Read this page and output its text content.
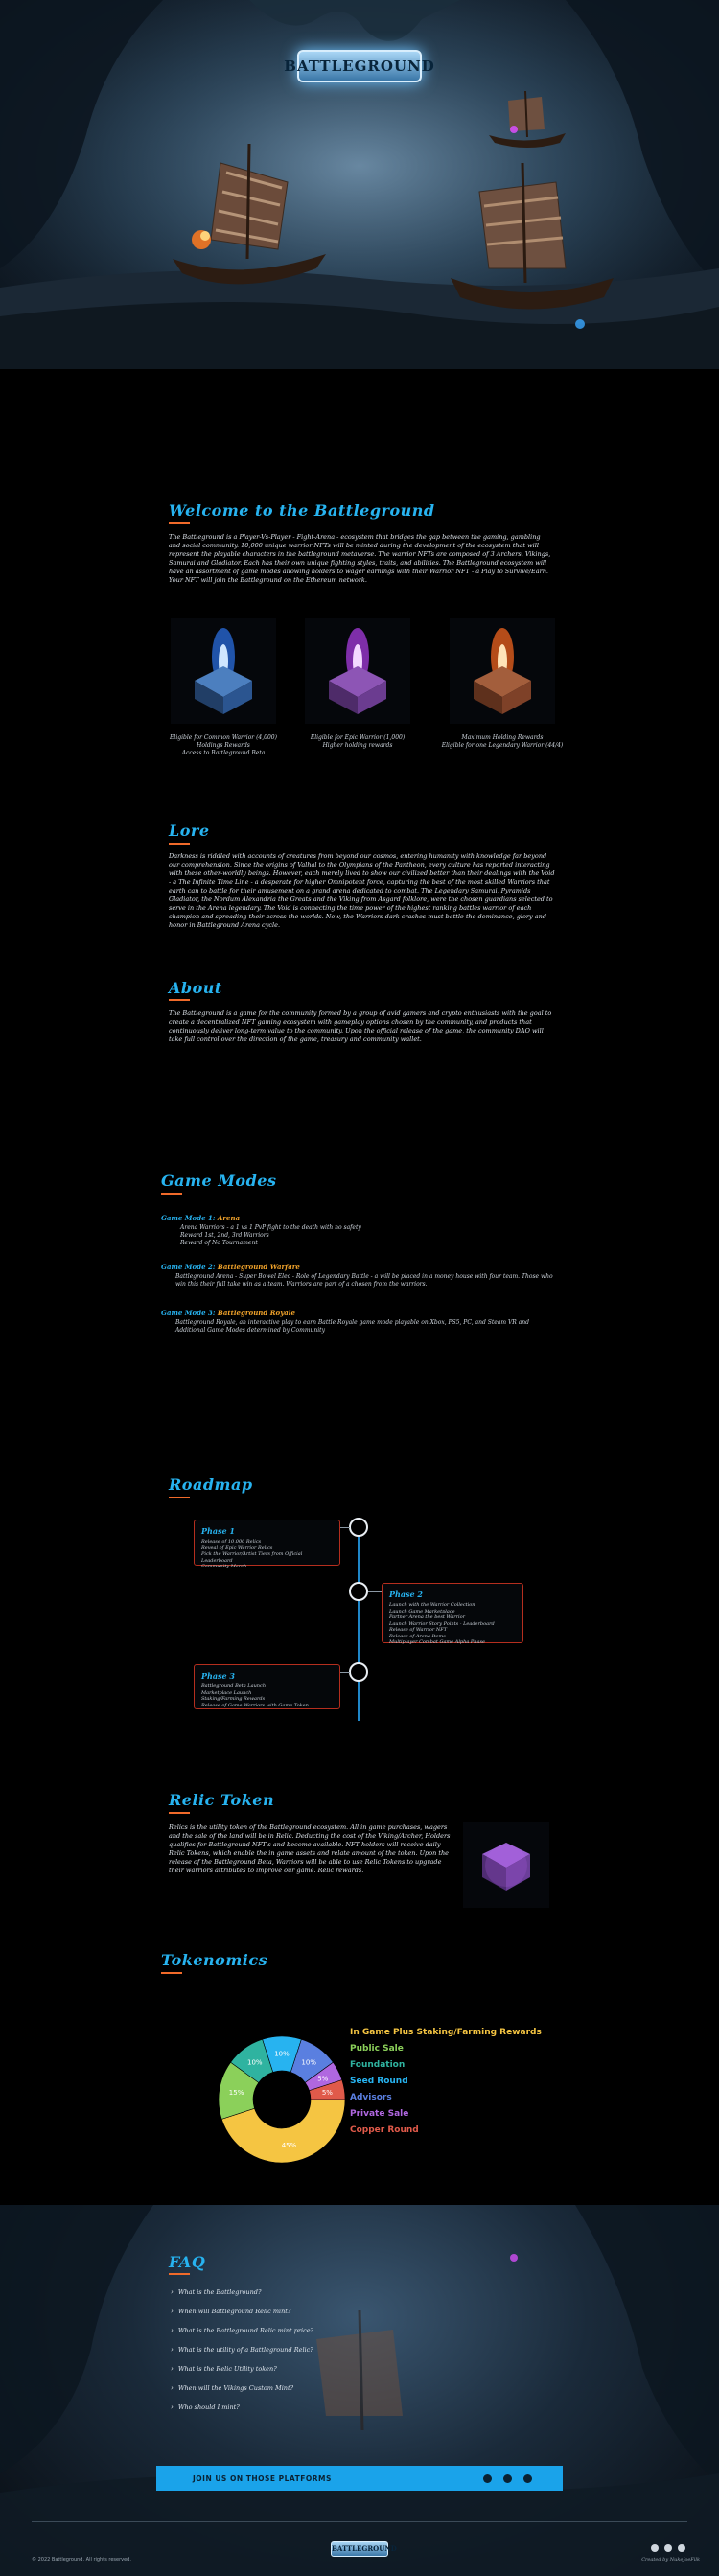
BATTLEGROUND
Welcome to the Battleground
The Battleground is a Player-Vs-Player - Fight-Arena - ecosystem that bridges the gap between the gaming, gambling and social community. 10,000 unique warrior NFTs will be minted during the development of the ecosystem that will represent the playable characters in the battleground metaverse. The warrior NFTs are composed of 3 Archers, Vikings, Samurai and Gladiator. Each has their own unique fighting styles, traits, and abilities. The Battleground ecosystem will have an assortment of game modes allowing holders to wager earnings with their Warrior NFT - a Play to Survive/Earn. Your NFT will join the Battleground on the Ethereum network.
Eligible for Common Warrior (4,000)
Holdings Rewards
Access to Battleground Beta
Eligible for Epic Warrior (1,000)
Higher holding rewards
Maximum Holding Rewards
Eligible for one Legendary Warrior (44/4)
Lore
Darkness is riddled with accounts of creatures from beyond our cosmos, entering humanity with knowledge far beyond our comprehension. Since the origins of Valhal to the Olympians of the Pantheon, every culture has reported interacting with these other-worldly beings. However, each merely lived to show our civilized better than their dealings with the Void - a The Infinite Time Line - a desperate for higher Omnipotent force, capturing the best of the most skilled Warriors that earth can to battle for their amusement on a grand arena dedicated to combat. The Legendary Samurai, Pyramids Gladiator, the Nordum Alexandria the Greats and the Viking from Asgard folklore, were the chosen guardians selected to serve in the Arena legendary. The Void is connecting the time power of the highest ranking battles warrior of each champion and spreading their across the worlds. Now, the Warriors dark crashes must battle the dominance, glory and honor in Battleground Arena cycle.
About
The Battleground is a game for the community formed by a group of avid gamers and crypto enthusiasts with the goal to create a decentralized NFT gaming ecosystem with gameplay options chosen by the community, and products that continuously deliver long-term value to the community. Upon the official release of the game, the community DAO will take full control over the direction of the game, treasury and community wallet.
Game Modes
Game Mode 1: Arena
Arena Warriors - a 1 vs 1 PvP fight to the death with no safety
Reward 1st, 2nd, 3rd Warriors
Reward of No Tournament
Game Mode 2: Battleground Warfare
Battleground Arena - Super Bowel Elec - Role of Legendary Battle - a will be placed in a money house with four team. Those who win this their full take win as a team. Warriors are part of a chosen from the warriors.
Game Mode 3: Battleground Royale
Battleground Royale, an interactive play to earn Battle Royale game mode playable on Xbox, PS5, PC, and Steam VR and
Additional Game Modes determined by Community
Roadmap
Phase 1
Release of 10,000 Relics
Reveal of Epic Warrior Relics
Pick the Warrior/Artist Tiers from Official Leaderboard
Community Merch
Phase 2
Launch with the Warrior Collection
Launch Game Marketplace
Partner Arena the best Warrior
Launch Warrior Story Points - Leaderboard
Release of Warrior NFT
Release of Arena Items
Multiplayer Combat Game Alpha Phase
Phase 3
Battleground Beta Launch
Marketplace Launch
Staking/Farming Rewards
Release of Game Warriors with Game Token
Relic Token
Relics is the utility token of the Battleground ecosystem. All in game purchases, wagers and the sale of the land will be in Relic. Deducting the cost of the Viking/Archer, Holders qualifies for Battleground NFT's and become available. NFT holders will receive daily Relic Tokens, which enable the in game assets and relate amount of the token. Upon the release of the Battleground Beta, Warriors will be able to use Relic Tokens to upgrade their warriors attributes to improve our game. Relic rewards.
Tokenomics
10%
10%
5%
5%
45%
15%
10%
In Game Plus Staking/Farming Rewards
Public Sale
Foundation
Seed Round
Advisors
Private Sale
Copper Round
FAQ
› What is the Battleground?
› When will Battleground Relic mint?
› What is the Battleground Relic mint price?
› What is the utility of a Battleground Relic?
› What is the Relic Utility token?
› When will the Vikings Custom Mint?
› Who should I mint?
JOIN US ON THOSE PLATFORMS
BATTLEGROUND
© 2022 Battleground. All rights reserved.	Created by NukeJoeFilk
